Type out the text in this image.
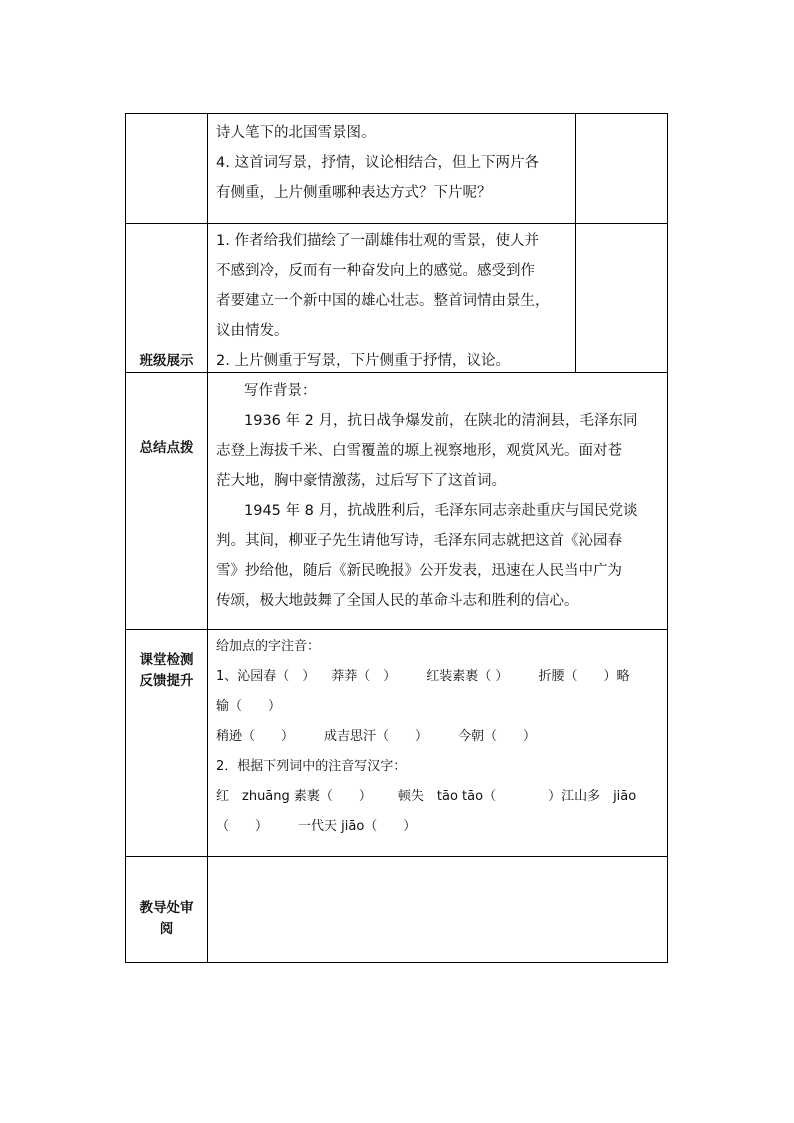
诗人笔下的北国雪景图。

4. 这首词写景，抒情，议论相结合，但上下两片各

有侧重，上片侧重哪种表达方式？下片呢？

班级展示

1. 作者给我们描绘了一副雄伟壮观的雪景，使人并

不感到冷，反而有一种奋发向上的感觉。感受到作

者要建立一个新中国的雄心壮志。整首词情由景生，

议由情发。

2. 上片侧重于写景，下片侧重于抒情，议论。

总结点拨

写作背景：

1936 年 2 月，抗日战争爆发前，在陕北的清涧县，毛泽东同

志登上海拔千米、白雪覆盖的塬上视察地形，观赏风光。面对苍

茫大地，胸中豪情激荡，过后写下了这首词。

1945 年 8 月，抗战胜利后，毛泽东同志亲赴重庆与国民党谈

判。其间，柳亚子先生请他写诗，毛泽东同志就把这首《沁园春

雪》抄给他，随后《新民晚报》公开发表，迅速在人民当中广为

传颂，极大地鼓舞了全国人民的革命斗志和胜利的信心。

课堂检测

反馈提升

给加点的字注音：

1、沁园春（　） 莽莽（　） 红装素裹（ ） 折腰（　　）略

输（　　）

稍逊（　　） 成吉思汗（　　） 今朝（　　）

2．根据下列词中的注音写汉字：

红　zhuāng 素裹（　　） 顿失　tāo tāo（　　　　）江山多　jiāo

（　　） 一代天 jiāo（　　）

教导处审

阅
